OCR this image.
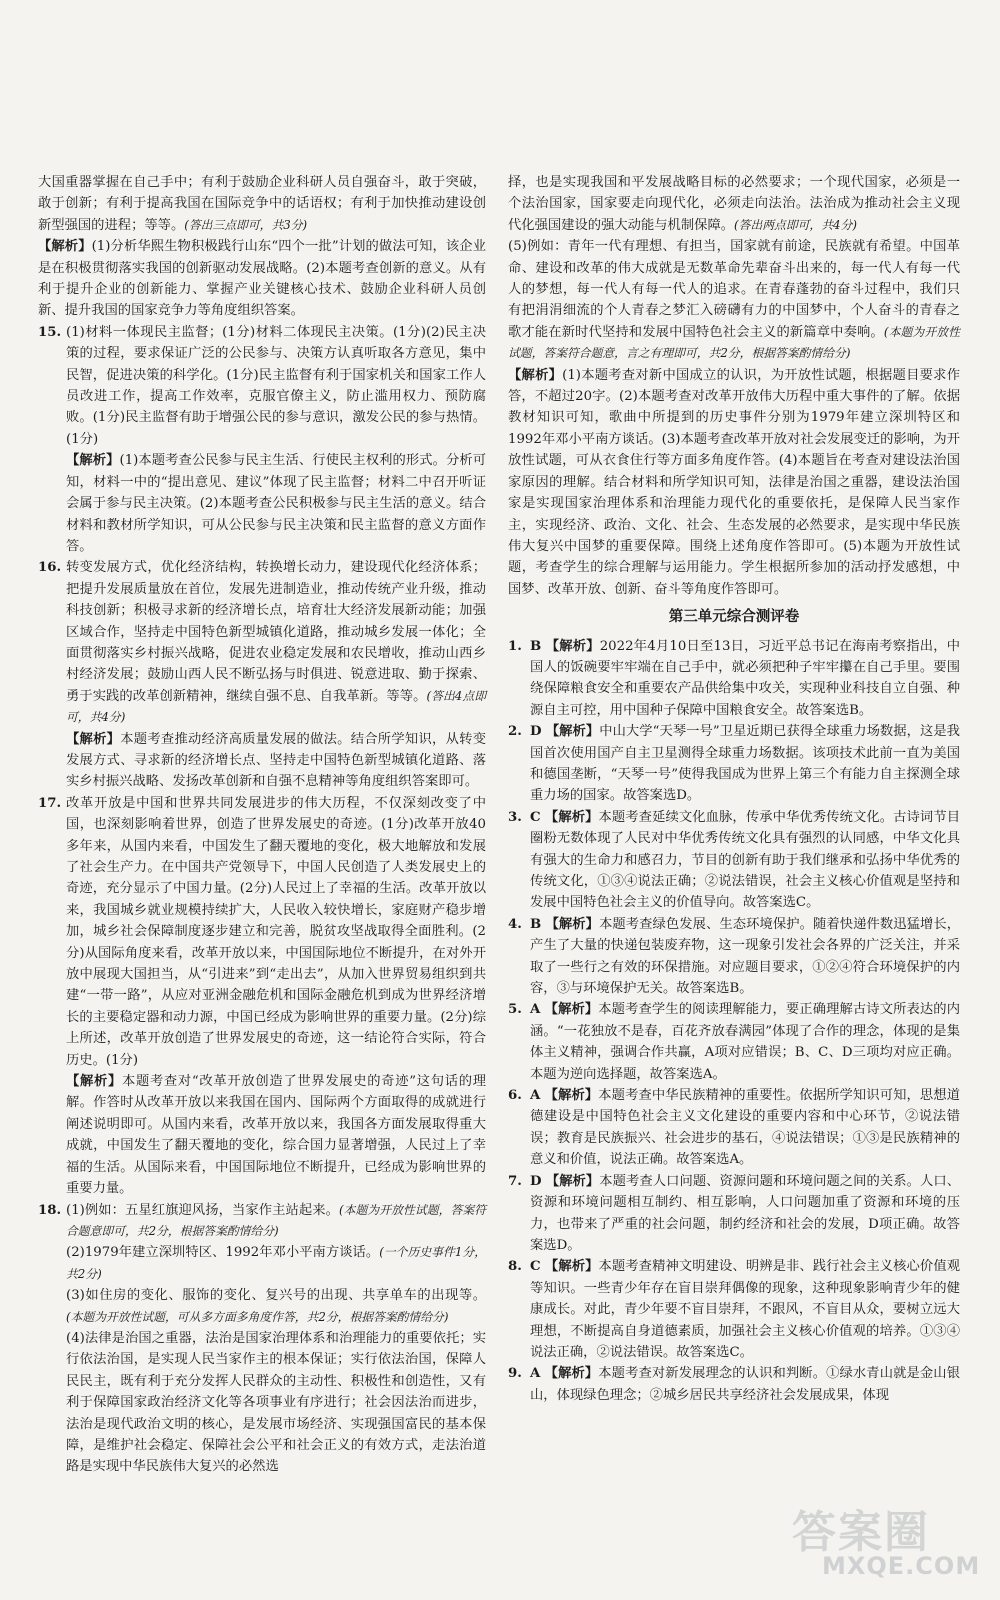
大国重器掌握在自己手中；有利于鼓励企业科研人员自强奋斗，敢于突破，敢于创新；有利于提高我国在国际竞争中的话语权；有利于加快推动建设创新型强国的进程；等等。(答出三点即可，共3分)

【解析】(1)分析华熙生物积极践行山东“四个一批”计划的做法可知，该企业是在积极贯彻落实我国的创新驱动发展战略。(2)本题考查创新的意义。从有利于提升企业的创新能力、掌握产业关键核心技术、鼓励企业科研人员创新、提升我国的国家竞争力等角度组织答案。

15. (1)材料一体现民主监督；(1分)材料二体现民主决策。(1分)(2)民主决策的过程，要求保证广泛的公民参与、决策方认真听取各方意见，集中民智，促进决策的科学化。(1分)民主监督有利于国家机关和国家工作人员改进工作，提高工作效率，克服官僚主义，防止滥用权力、预防腐败。(1分)民主监督有助于增强公民的参与意识，激发公民的参与热情。(1分)

【解析】(1)本题考查公民参与民主生活、行使民主权利的形式。分析可知，材料一中的“提出意见、建议”体现了民主监督；材料二中召开听证会属于参与民主决策。(2)本题考查公民积极参与民主生活的意义。结合材料和教材所学知识，可从公民参与民主决策和民主监督的意义方面作答。

16. 转变发展方式，优化经济结构，转换增长动力，建设现代化经济体系；把提升发展质量放在首位，发展先进制造业，推动传统产业升级，推动科技创新；积极寻求新的经济增长点，培育壮大经济发展新动能；加强区域合作，坚持走中国特色新型城镇化道路，推动城乡发展一体化；全面贯彻落实乡村振兴战略，促进农业稳定发展和农民增收，推动山西乡村经济发展；鼓励山西人民不断弘扬与时俱进、锐意进取、勤于探索、勇于实践的改革创新精神，继续自强不息、自我革新。等等。(答出4点即可，共4分)

【解析】本题考查推动经济高质量发展的做法。结合所学知识，从转变发展方式、寻求新的经济增长点、坚持走中国特色新型城镇化道路、落实乡村振兴战略、发扬改革创新和自强不息精神等角度组织答案即可。

17. 改革开放是中国和世界共同发展进步的伟大历程，不仅深刻改变了中国，也深刻影响着世界，创造了世界发展史的奇迹。(1分)改革开放40多年来，从国内来看，中国发生了翻天覆地的变化，极大地解放和发展了社会生产力。在中国共产党领导下，中国人民创造了人类发展史上的奇迹，充分显示了中国力量。(2分)人民过上了幸福的生活。改革开放以来，我国城乡就业规模持续扩大，人民收入较快增长，家庭财产稳步增加，城乡社会保障制度逐步建立和完善，脱贫攻坚战取得全面胜利。(2分)从国际角度来看，改革开放以来，中国国际地位不断提升，在对外开放中展现大国担当，从“引进来”到“走出去”，从加入世界贸易组织到共建“一带一路”，从应对亚洲金融危机和国际金融危机到成为世界经济增长的主要稳定器和动力源，中国已经成为影响世界的重要力量。(2分)综上所述，改革开放创造了世界发展史的奇迹，这一结论符合实际，符合历史。(1分)

【解析】本题考查对“改革开放创造了世界发展史的奇迹”这句话的理解。作答时从改革开放以来我国在国内、国际两个方面取得的成就进行阐述说明即可。从国内来看，改革开放以来，我国各方面发展取得重大成就，中国发生了翻天覆地的变化，综合国力显著增强，人民过上了幸福的生活。从国际来看，中国国际地位不断提升，已经成为影响世界的重要力量。

18. (1)例如：五星红旗迎风扬，当家作主站起来。(本题为开放性试题，答案符合题意即可，共2分，根据答案酌情给分)

(2)1979年建立深圳特区、1992年邓小平南方谈话。(一个历史事件1分，共2分)

(3)如住房的变化、服饰的变化、复兴号的出现、共享单车的出现等。(本题为开放性试题，可从多方面多角度作答，共2分，根据答案酌情给分)

(4)法律是治国之重器，法治是国家治理体系和治理能力的重要依托；实行依法治国，是实现人民当家作主的根本保证；实行依法治国，保障人民民主，既有利于充分发挥人民群众的主动性、积极性和创造性，又有利于保障国家政治经济文化等各项事业有序进行；社会因法治而进步，法治是现代政治文明的核心，是发展市场经济、实现强国富民的基本保障，是维护社会稳定、保障社会公平和社会正义的有效方式，走法治道路是实现中华民族伟大复兴的必然选

择，也是实现我国和平发展战略目标的必然要求；一个现代国家，必须是一个法治国家，国家要走向现代化，必须走向法治。法治成为推动社会主义现代化强国建设的强大动能与机制保障。(答出两点即可，共4分)

(5)例如：青年一代有理想、有担当，国家就有前途，民族就有希望。中国革命、建设和改革的伟大成就是无数革命先辈奋斗出来的，每一代人有每一代人的梦想，每一代人有每一代人的追求。在青春蓬勃的奋斗过程中，我们只有把涓涓细流的个人青春之梦汇入磅礴有力的中国梦中，个人奋斗的青春之歌才能在新时代坚持和发展中国特色社会主义的新篇章中奏响。(本题为开放性试题，答案符合题意，言之有理即可，共2分，根据答案酌情给分)

【解析】(1)本题考查对新中国成立的认识，为开放性试题，根据题目要求作答，不超过20字。(2)本题考查对改革开放伟大历程中重大事件的了解。依据教材知识可知，歌曲中所提到的历史事件分别为1979年建立深圳特区和1992年邓小平南方谈话。(3)本题考查改革开放对社会发展变迁的影响，为开放性试题，可从衣食住行等方面多角度作答。(4)本题旨在考查对建设法治国家原因的理解。结合材料和所学知识可知，法律是治国之重器，建设法治国家是实现国家治理体系和治理能力现代化的重要依托，是保障人民当家作主，实现经济、政治、文化、社会、生态发展的必然要求，是实现中华民族伟大复兴中国梦的重要保障。围绕上述角度作答即可。(5)本题为开放性试题，考查学生的综合理解与运用能力。学生根据所参加的活动抒发感想，中国梦、改革开放、创新、奋斗等角度作答即可。

第三单元综合测评卷
1. B 【解析】2022年4月10日至13日，习近平总书记在海南考察指出，中国人的饭碗要牢牢端在自己手中，就必须把种子牢牢攥在自己手里。要围绕保障粮食安全和重要农产品供给集中攻关，实现种业科技自立自强、种源自主可控，用中国种子保障中国粮食安全。故答案选B。

2. D 【解析】中山大学“天琴一号”卫星近期已获得全球重力场数据，这是我国首次使用国产自主卫星测得全球重力场数据。该项技术此前一直为美国和德国垄断，“天琴一号”使得我国成为世界上第三个有能力自主探测全球重力场的国家。故答案选D。

3. C 【解析】本题考查延续文化血脉，传承中华优秀传统文化。古诗词节目圈粉无数体现了人民对中华优秀传统文化具有强烈的认同感，中华文化具有强大的生命力和感召力，节目的创新有助于我们继承和弘扬中华优秀的传统文化，①③④说法正确；②说法错误，社会主义核心价值观是坚持和发展中国特色社会主义的价值导向。故答案选C。

4. B 【解析】本题考查绿色发展、生态环境保护。随着快递件数迅猛增长，产生了大量的快递包装废弃物，这一现象引发社会各界的广泛关注，并采取了一些行之有效的环保措施。对应题目要求，①②④符合环境保护的内容，③与环境保护无关。故答案选B。

5. A 【解析】本题考查学生的阅读理解能力，要正确理解古诗文所表达的内涵。“一花独放不是春，百花齐放春满园”体现了合作的理念，体现的是集体主义精神，强调合作共赢，A项对应错误；B、C、D三项均对应正确。本题为逆向选择题，故答案选A。

6. A 【解析】本题考查中华民族精神的重要性。依据所学知识可知，思想道德建设是中国特色社会主义文化建设的重要内容和中心环节，②说法错误；教育是民族振兴、社会进步的基石，④说法错误；①③是民族精神的意义和价值，说法正确。故答案选A。

7. D 【解析】本题考查人口问题、资源问题和环境问题之间的关系。人口、资源和环境问题相互制约、相互影响，人口问题加重了资源和环境的压力，也带来了严重的社会问题，制约经济和社会的发展，D项正确。故答案选D。

8. C 【解析】本题考查精神文明建设、明辨是非、践行社会主义核心价值观等知识。一些青少年存在盲目崇拜偶像的现象，这种现象影响青少年的健康成长。对此，青少年要不盲目崇拜，不跟风，不盲目从众，要树立远大理想，不断提高自身道德素质，加强社会主义核心价值观的培养。①③④说法正确，②说法错误。故答案选C。

9. A 【解析】本题考查对新发展理念的认识和判断。①绿水青山就是金山银山，体现绿色理念；②城乡居民共享经济社会发展成果，体现

答案圈
MXQE.COM
